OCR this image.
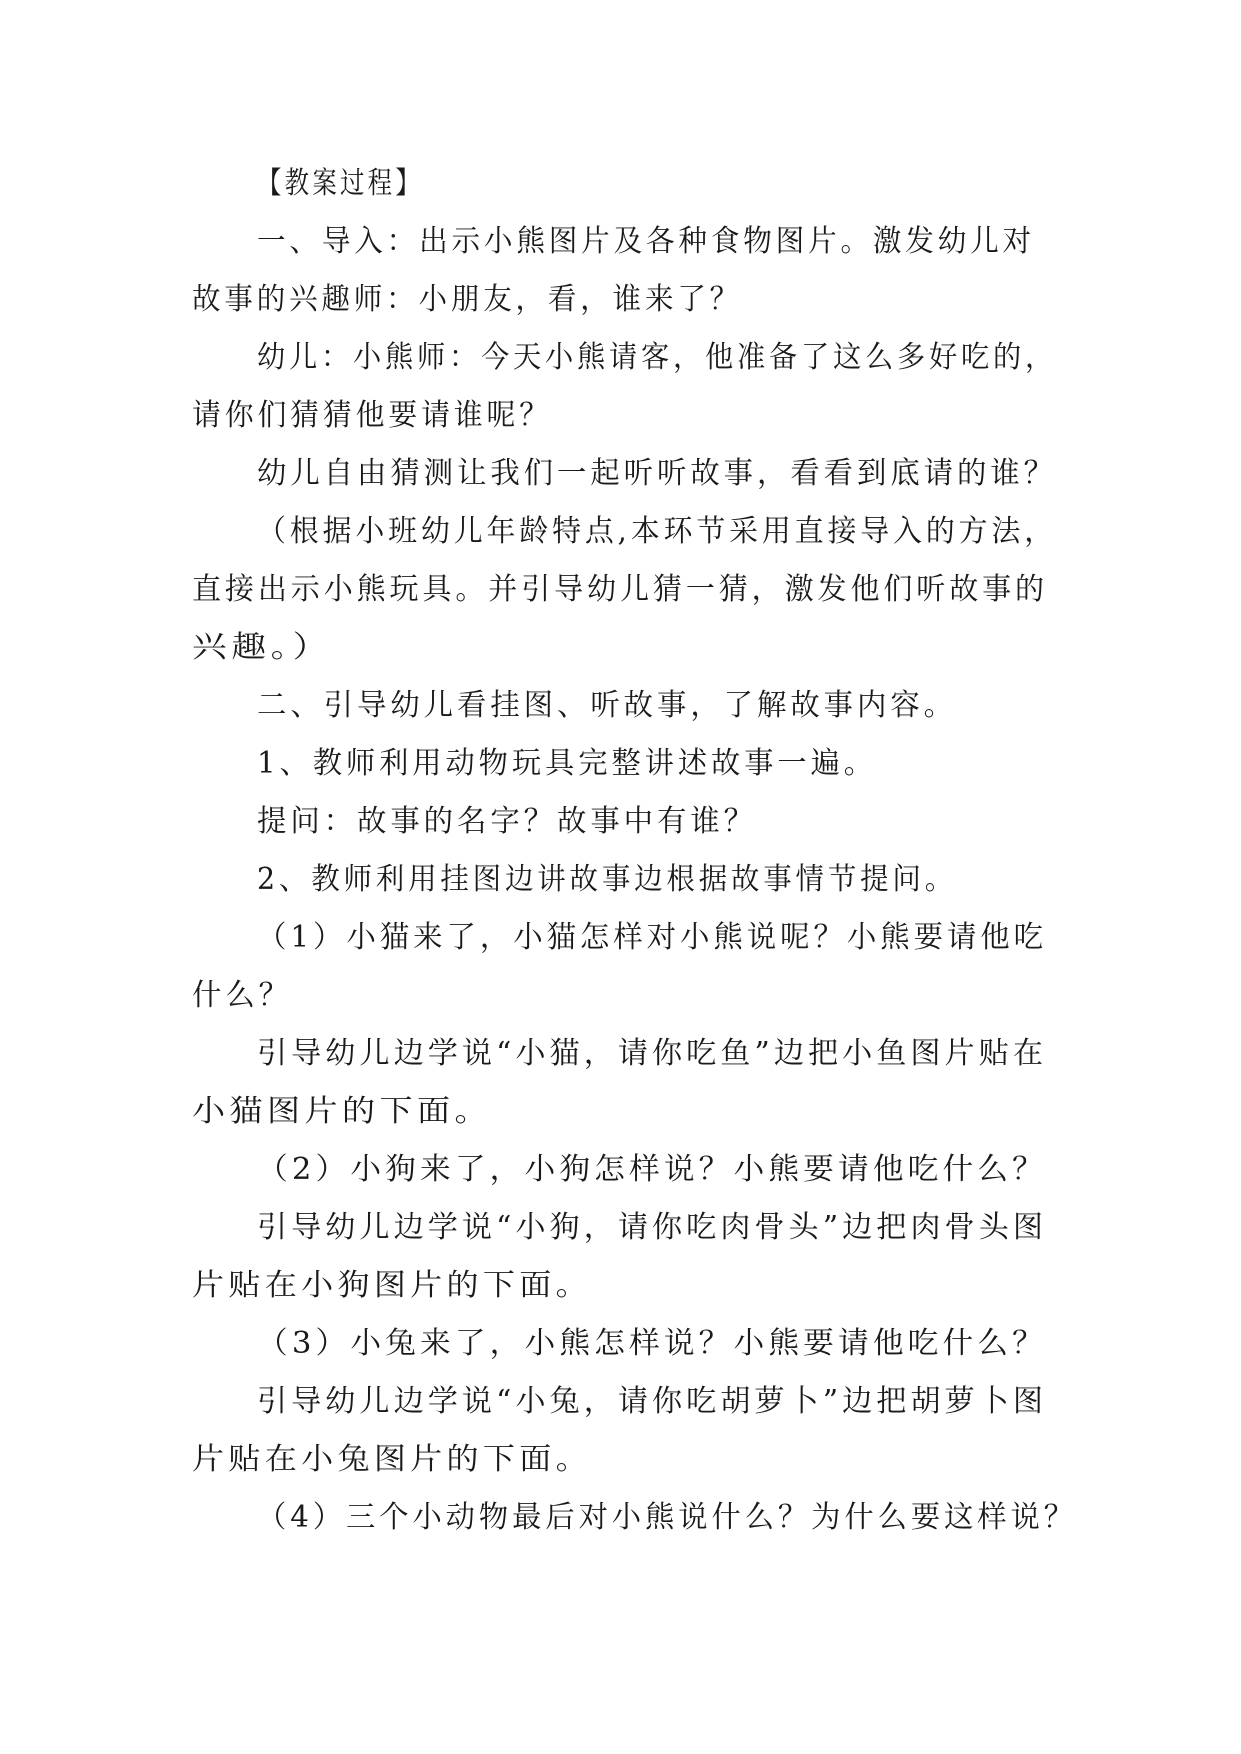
【教案过程】
一、导入：出示小熊图片及各种食物图片。激发幼儿对
故事的兴趣师：小朋友，看，谁来了？
幼儿：小熊师：今天小熊请客，他准备了这么多好吃的，
请你们猜猜他要请谁呢？
幼儿自由猜测让我们一起听听故事，看看到底请的谁？
（根据小班幼儿年龄特点,本环节采用直接导入的方法，
直接出示小熊玩具。并引导幼儿猜一猜，激发他们听故事的
兴趣。）
二、引导幼儿看挂图、听故事，了解故事内容。
1、教师利用动物玩具完整讲述故事一遍。
提问：故事的名字？故事中有谁？
2、教师利用挂图边讲故事边根据故事情节提问。
（1）小猫来了，小猫怎样对小熊说呢？小熊要请他吃
什么？
引导幼儿边学说“小猫，请你吃鱼”边把小鱼图片贴在
小猫图片的下面。
（2）小狗来了，小狗怎样说？小熊要请他吃什么？
引导幼儿边学说“小狗，请你吃肉骨头”边把肉骨头图
片贴在小狗图片的下面。
（3）小兔来了，小熊怎样说？小熊要请他吃什么？
引导幼儿边学说“小兔，请你吃胡萝卜”边把胡萝卜图
片贴在小兔图片的下面。
（4）三个小动物最后对小熊说什么？为什么要这样说？
